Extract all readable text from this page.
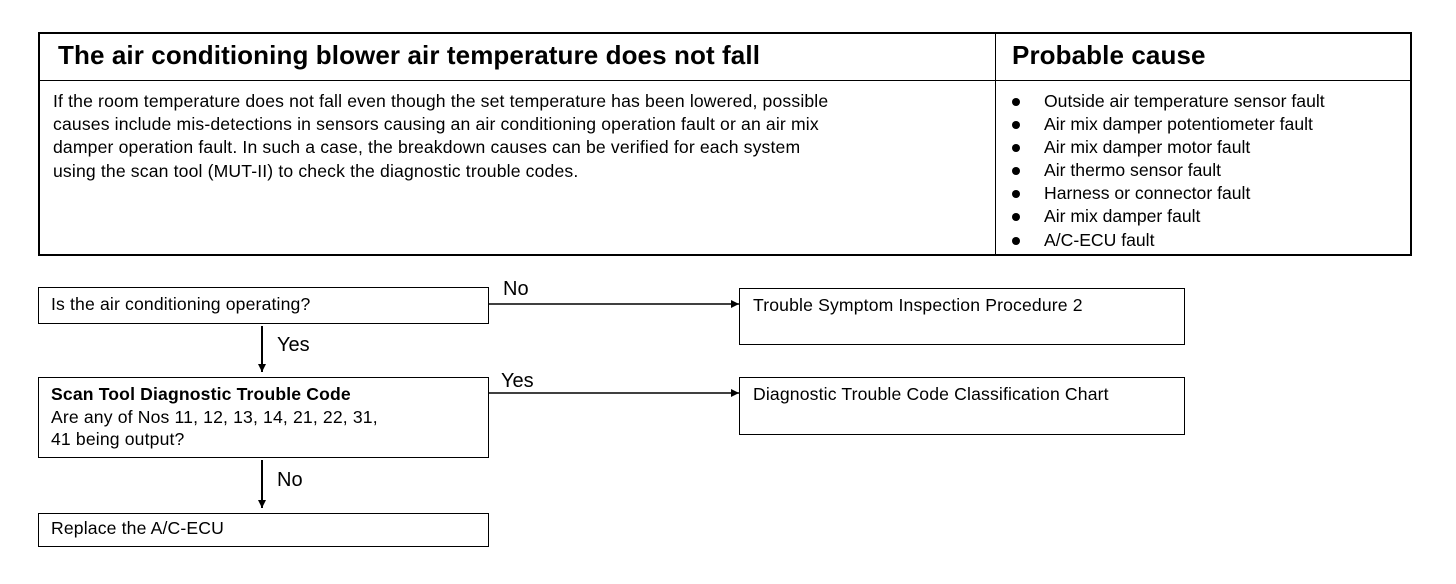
The air conditioning blower air temperature does not fall	Probable cause
If the room temperature does not fall even though the set temperature has been lowered, possible
causes include mis-detections in sensors causing an air conditioning operation fault or an air mix
damper operation fault. In such a case, the breakdown causes can be verified for each system
using the scan tool (MUT-II) to check the diagnostic trouble codes.
Outside air temperature sensor fault
Air mix damper potentiometer fault
Air mix damper motor fault
Air thermo sensor fault
Harness or connector fault
Air mix damper fault
A/C-ECU fault
Is the air conditioning operating?
No
Yes
Trouble Symptom Inspection Procedure 2
Scan Tool Diagnostic Trouble Code
Are any of Nos 11, 12, 13, 14, 21, 22, 31,
41 being output?
Yes
No
Diagnostic Trouble Code Classification Chart
Replace the A/C-ECU
